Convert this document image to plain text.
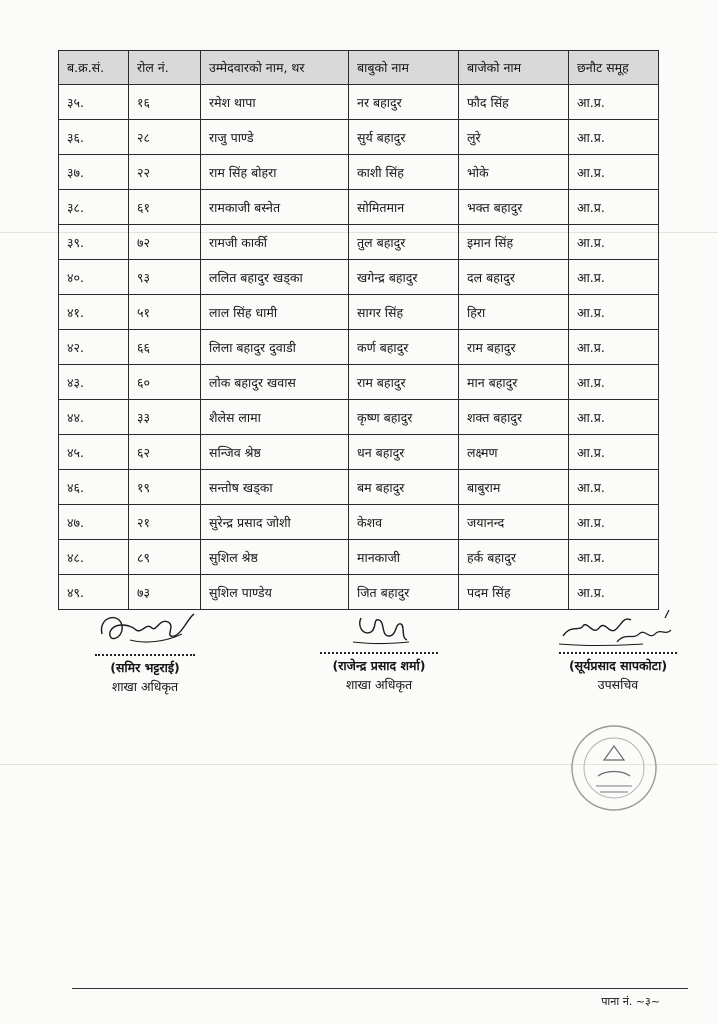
ब.क्र.सं.	रोल नं.	उम्मेदवारको नाम, थर	बाबुको नाम	बाजेको नाम	छनौट समूह
३५.	१६	रमेश थापा	नर बहादुर	फौद सिंह	आ.प्र.
३६.	२८	राजु पाण्डे	सुर्य बहादुर	लुरे	आ.प्र.
३७.	२२	राम सिंह बोहरा	काशी सिंह	भोके	आ.प्र.
३८.	६१	रामकाजी बस्नेत	सोमितमान	भक्त बहादुर	आ.प्र.
३९.	७२	रामजी कार्की	तुल बहादुर	इमान सिंह	आ.प्र.
४०.	९३	ललित बहादुर खड्का	खगेन्द्र बहादुर	दल बहादुर	आ.प्र.
४१.	५१	लाल सिंह धामी	सागर सिंह	हिरा	आ.प्र.
४२.	६६	लिला बहादुर दुवाडी	कर्ण बहादुर	राम बहादुर	आ.प्र.
४३.	६०	लोक बहादुर खवास	राम बहादुर	मान बहादुर	आ.प्र.
४४.	३३	शैलेस लामा	कृष्ण बहादुर	शक्त बहादुर	आ.प्र.
४५.	६२	सन्जिव श्रेष्ठ	धन बहादुर	लक्ष्मण	आ.प्र.
४६.	१९	सन्तोष खड्का	बम बहादुर	बाबुराम	आ.प्र.
४७.	२१	सुरेन्द्र प्रसाद जोशी	केशव	जयानन्द	आ.प्र.
४८.	८९	सुशिल श्रेष्ठ	मानकाजी	हर्क बहादुर	आ.प्र.
४९.	७३	सुशिल पाण्डेय	जित बहादुर	पदम सिंह	आ.प्र.
(समिर भट्टराई)
शाखा अधिकृत
(राजेन्द्र प्रसाद शर्मा)
शाखा अधिकृत
(सूर्यप्रसाद सापकोटा)
उपसचिव
पाना नं. ~३~
